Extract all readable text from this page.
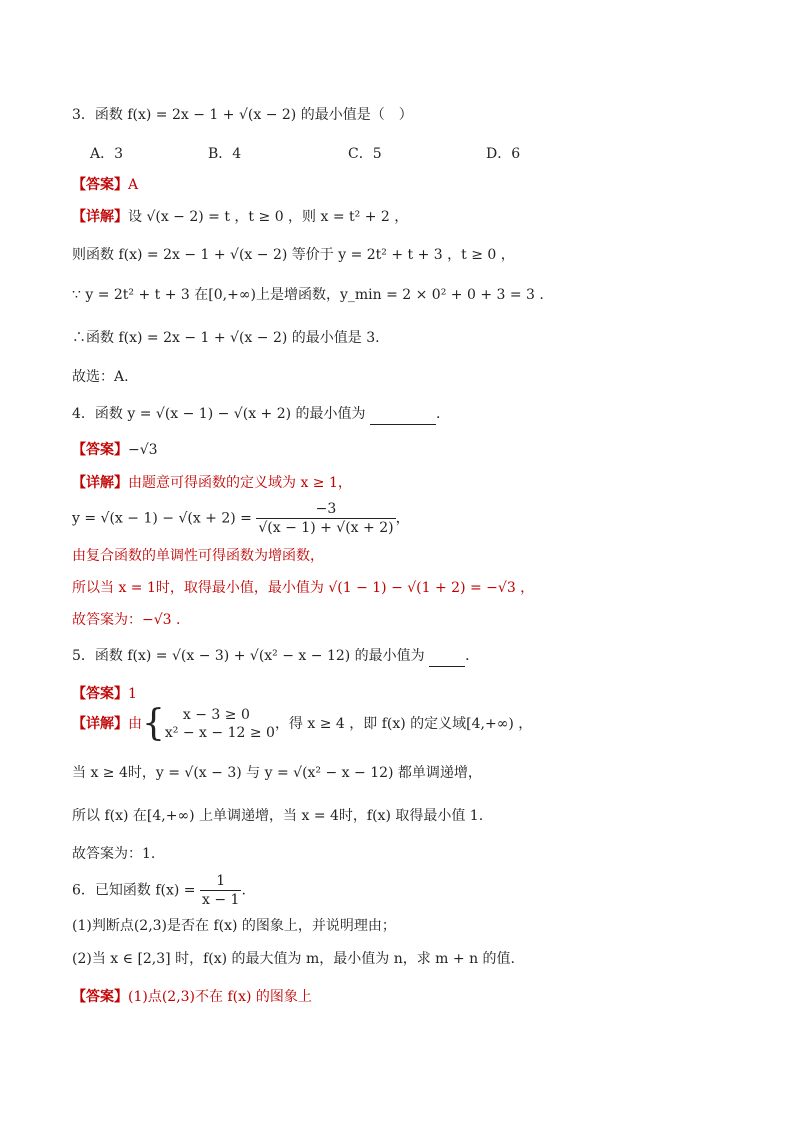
3．函数 f(x) = 2x − 1 + √(x − 2) 的最小值是（　）
A．3	B．4	C．5	D．6
【答案】A
【详解】设 √(x − 2) = t ，t ≥ 0 ，则 x = t² + 2 ，
则函数 f(x) = 2x − 1 + √(x − 2) 等价于 y = 2t² + t + 3 ，t ≥ 0 ，
∵ y = 2t² + t + 3 在[0,+∞)上是增函数，y_min = 2 × 0² + 0 + 3 = 3 .
∴函数 f(x) = 2x − 1 + √(x − 2) 的最小值是 3.
故选：A.
4．函数 y = √(x − 1) − √(x + 2) 的最小值为	.
【答案】−√3
【详解】由题意可得函数的定义域为 x ≥ 1，
$y = √(x - 1) - √(x + 2) = \frac{-3}{√(x - 1) + √(x + 2)}$ ，
由复合函数的单调性可得函数为增函数，
所以当 x = 1时，取得最小值，最小值为 √(1 − 1) − √(1 + 2) = −√3 ，
故答案为：−√3 .
5．函数 f(x) = √(x − 3) + √(x² − x − 12) 的最小值为	．
【答案】1
【详解】由{	x − 3 ≥ 0
x² − x − 12 ≥ 0
，得 x ≥ 4 ，即 f(x) 的定义域[4,+∞) ，
当 x ≥ 4时，y = √(x − 3) 与 y = √(x² − x − 12) 都单调递增，
所以 f(x) 在[4,+∞) 上单调递增，当 x = 4时，f(x) 取得最小值 1.
故答案为：1.
6．已知函数 $f(x) = \frac{1}{x - 1}$ .
(1)判断点(2,3)是否在 f(x) 的图象上，并说明理由；
(2)当 x ∈ [2,3] 时，f(x) 的最大值为 m，最小值为 n，求 m + n 的值.
【答案】(1)点(2,3)不在 f(x) 的图象上
